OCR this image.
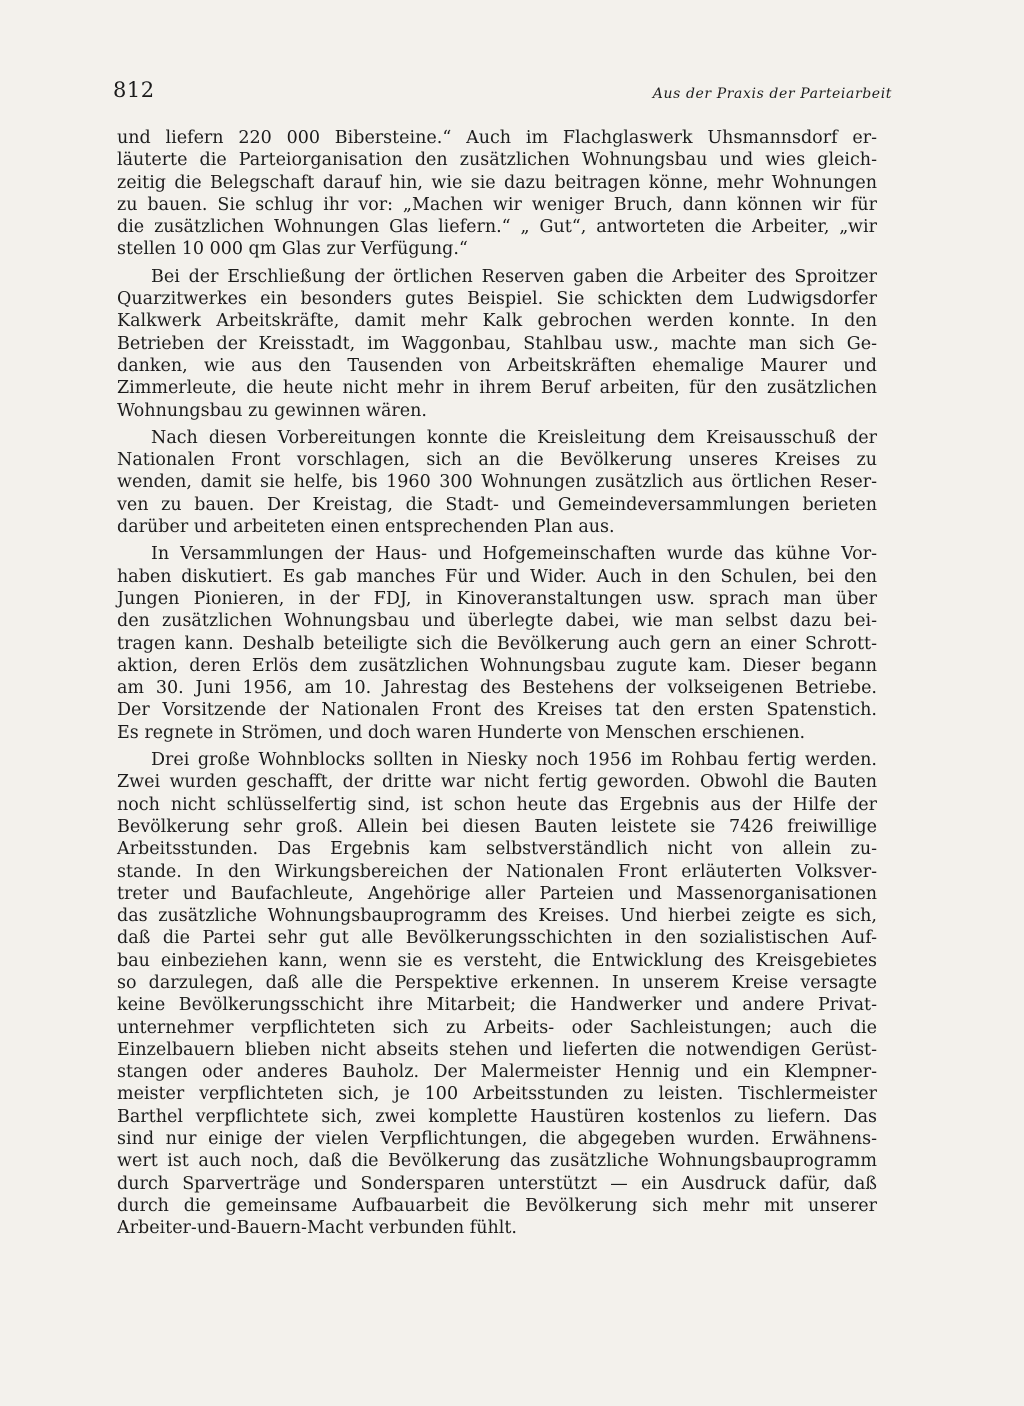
812	Aus der Praxis der Parteiarbeit

und liefern 220 000 Bibersteine.“ Auch im Flachglaswerk Uhsmannsdorf er-
läuterte die Parteiorganisation den zusätzlichen Wohnungsbau und wies gleich-
zeitig die Belegschaft darauf hin, wie sie dazu beitragen könne, mehr Wohnungen
zu bauen. Sie schlug ihr vor: „Machen wir weniger Bruch, dann können wir für
die zusätzlichen Wohnungen Glas liefern.“ „ Gut“, antworteten die Arbeiter, „wir
stellen 10 000 qm Glas zur Verfügung.“

Bei der Erschließung der örtlichen Reserven gaben die Arbeiter des Sproitzer
Quarzitwerkes ein besonders gutes Beispiel. Sie schickten dem Ludwigsdorfer
Kalkwerk Arbeitskräfte, damit mehr Kalk gebrochen werden konnte. In den
Betrieben der Kreisstadt, im Waggonbau, Stahlbau usw., machte man sich Ge-
danken, wie aus den Tausenden von Arbeitskräften ehemalige Maurer und
Zimmerleute, die heute nicht mehr in ihrem Beruf arbeiten, für den zusätzlichen
Wohnungsbau zu gewinnen wären.

Nach diesen Vorbereitungen konnte die Kreisleitung dem Kreisausschuß der
Nationalen Front vorschlagen, sich an die Bevölkerung unseres Kreises zu
wenden, damit sie helfe, bis 1960 300 Wohnungen zusätzlich aus örtlichen Reser-
ven zu bauen. Der Kreistag, die Stadt- und Gemeindeversammlungen berieten
darüber und arbeiteten einen entsprechenden Plan aus.

In Versammlungen der Haus- und Hofgemeinschaften wurde das kühne Vor-
haben diskutiert. Es gab manches Für und Wider. Auch in den Schulen, bei den
Jungen Pionieren, in der FDJ, in Kinoveranstaltungen usw. sprach man über
den zusätzlichen Wohnungsbau und überlegte dabei, wie man selbst dazu bei-
tragen kann. Deshalb beteiligte sich die Bevölkerung auch gern an einer Schrott-
aktion, deren Erlös dem zusätzlichen Wohnungsbau zugute kam. Dieser begann
am 30. Juni 1956, am 10. Jahrestag des Bestehens der volkseigenen Betriebe.
Der Vorsitzende der Nationalen Front des Kreises tat den ersten Spatenstich.
Es regnete in Strömen, und doch waren Hunderte von Menschen erschienen.

Drei große Wohnblocks sollten in Niesky noch 1956 im Rohbau fertig werden.
Zwei wurden geschafft, der dritte war nicht fertig geworden. Obwohl die Bauten
noch nicht schlüsselfertig sind, ist schon heute das Ergebnis aus der Hilfe der
Bevölkerung sehr groß. Allein bei diesen Bauten leistete sie 7426 freiwillige
Arbeitsstunden. Das Ergebnis kam selbstverständlich nicht von allein zu-
stande. In den Wirkungsbereichen der Nationalen Front erläuterten Volksver-
treter und Baufachleute, Angehörige aller Parteien und Massenorganisationen
das zusätzliche Wohnungsbauprogramm des Kreises. Und hierbei zeigte es sich,
daß die Partei sehr gut alle Bevölkerungsschichten in den sozialistischen Auf-
bau einbeziehen kann, wenn sie es versteht, die Entwicklung des Kreisgebietes
so darzulegen, daß alle die Perspektive erkennen. In unserem Kreise versagte
keine Bevölkerungsschicht ihre Mitarbeit; die Handwerker und andere Privat-
unternehmer verpflichteten sich zu Arbeits- oder Sachleistungen; auch die
Einzelbauern blieben nicht abseits stehen und lieferten die notwendigen Gerüst-
stangen oder anderes Bauholz. Der Malermeister Hennig und ein Klempner-
meister verpflichteten sich, je 100 Arbeitsstunden zu leisten. Tischlermeister
Barthel verpflichtete sich, zwei komplette Haustüren kostenlos zu liefern. Das
sind nur einige der vielen Verpflichtungen, die abgegeben wurden. Erwähnens-
wert ist auch noch, daß die Bevölkerung das zusätzliche Wohnungsbauprogramm
durch Sparverträge und Sondersparen unterstützt — ein Ausdruck dafür, daß
durch die gemeinsame Aufbauarbeit die Bevölkerung sich mehr mit unserer
Arbeiter-und-Bauern-Macht verbunden fühlt.
